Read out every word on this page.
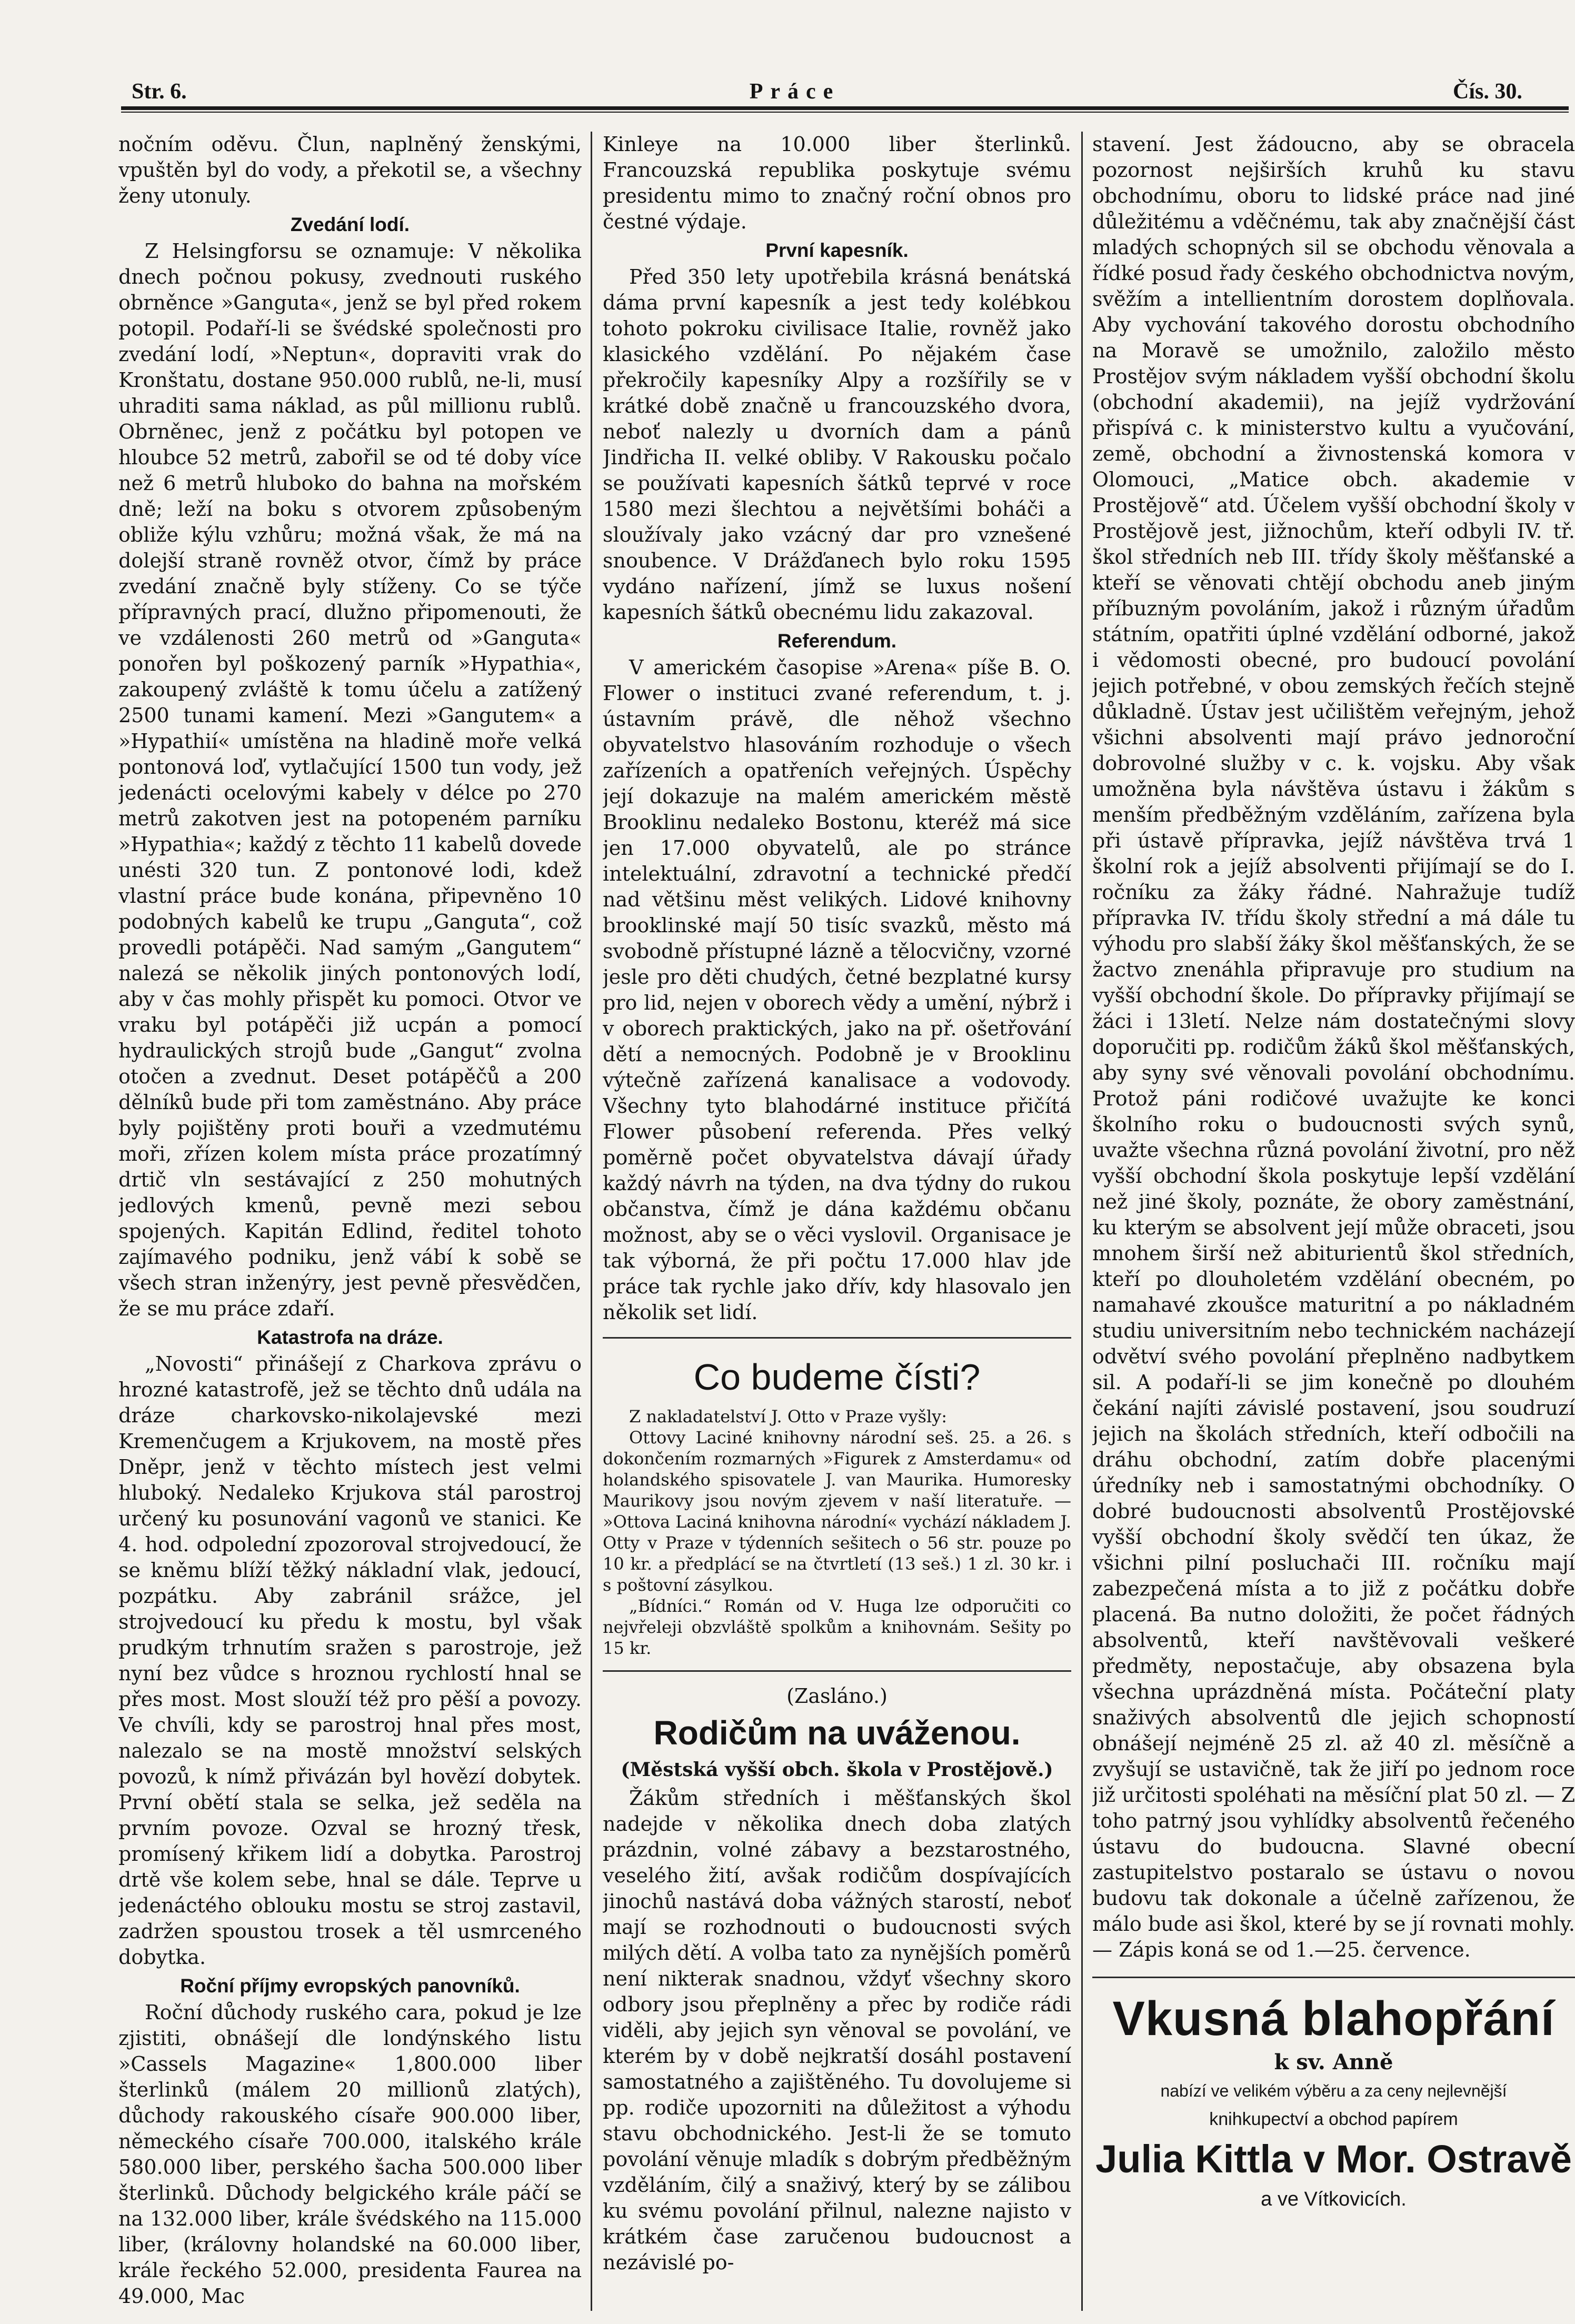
Str. 6.	Práce	Čís. 30.

nočním oděvu. Člun, naplněný ženskými, vpuštěn byl do vody, a překotil se, a všechny ženy utonuly.

Zvedání lodí.

Z Helsingforsu se oznamuje: V několika dnech počnou pokusy, zvednouti ruského obrněnce »Ganguta«, jenž se byl před rokem potopil. Podaří-li se švédské společnosti pro zvedání lodí, »Neptun«, dopraviti vrak do Kronštatu, dostane 950.000 rublů, ne-li, musí uhraditi sama náklad, as půl millionu rublů. Obrněnec, jenž z počátku byl potopen ve hloubce 52 metrů, zabořil se od té doby více než 6 metrů hluboko do bahna na mořském dně; leží na boku s otvorem způsobeným obliže kýlu vzhůru; možná však, že má na dolejší straně rovněž otvor, čímž by práce zvedání značně byly stíženy. Co se týče přípravných prací, dlužno připomenouti, že ve vzdálenosti 260 metrů od »Ganguta« ponořen byl poškozený parník »Hypathia«, zakoupený zvláště k tomu účelu a zatížený 2500 tunami kamení. Mezi »Gangutem« a »Hypathií« umístěna na hladině moře velká pontonová loď, vytlačující 1500 tun vody, jež jedenácti ocelovými kabely v délce po 270 metrů zakotven jest na potopeném parníku »Hypathia«; každý z těchto 11 kabelů dovede unésti 320 tun. Z pontonové lodi, kdež vlastní práce bude konána, připevněno 10 podobných kabelů ke trupu „Ganguta“, což provedli potápěči. Nad samým „Gangutem“ nalezá se několik jiných pontonových lodí, aby v čas mohly přispět ku pomoci. Otvor ve vraku byl potápěči již ucpán a pomocí hydraulických strojů bude „Gangut“ zvolna otočen a zvednut. Deset potápěčů a 200 dělníků bude při tom zaměstnáno. Aby práce byly pojištěny proti bouři a vzedmutému moři, zřízen kolem místa práce prozatímný drtič vln sestávající z 250 mohutných jedlových kmenů, pevně mezi sebou spojených. Kapitán Edlind, ředitel tohoto zajímavého podniku, jenž vábí k sobě se všech stran inženýry, jest pevně přesvědčen, že se mu práce zdaří.

Katastrofa na dráze.

„Novosti“ přinášejí z Charkova zprávu o hrozné katastrofě, jež se těchto dnů udála na dráze charkovsko-nikolajevské mezi Kremenčugem a Krjukovem, na mostě přes Dněpr, jenž v těchto místech jest velmi hluboký. Nedaleko Krjukova stál parostroj určený ku posunování vagonů ve stanici. Ke 4. hod. odpolední zpozoroval strojvedoucí, že se kněmu blíží těžký nákladní vlak, jedoucí, pozpátku. Aby zabránil srážce, jel strojvedoucí ku předu k mostu, byl však prudkým trhnutím sražen s parostroje, jež nyní bez vůdce s hroznou rychlostí hnal se přes most. Most slouží též pro pěší a povozy. Ve chvíli, kdy se parostroj hnal přes most, nalezalo se na mostě množství selských povozů, k nímž přivázán byl hovězí dobytek. První obětí stala se selka, jež seděla na prvním povoze. Ozval se hrozný třesk, promísený křikem lidí a dobytka. Parostroj drtě vše kolem sebe, hnal se dále. Teprve u jedenáctého oblouku mostu se stroj zastavil, zadržen spoustou trosek a těl usmrceného dobytka.

Roční příjmy evropských panovníků.

Roční důchody ruského cara, pokud je lze zjistiti, obnášejí dle londýnského listu »Cassels Magazine« 1,800.000 liber šterlinků (málem 20 millionů zlatých), důchody rakouského císaře 900.000 liber, německého císaře 700.000, italského krále 580.000 liber, perského šacha 500.000 liber šterlinků. Důchody belgického krále páčí se na 132.000 liber, krále švédského na 115.000 liber, (královny holandské na 60.000 liber, krále řeckého 52.000, presidenta Faurea na 49.000, Mac

Kinleye na 10.000 liber šterlinků. Francouzská republika poskytuje svému presidentu mimo to značný roční obnos pro čestné výdaje.

První kapesník.

Před 350 lety upotřebila krásná benátská dáma první kapesník a jest tedy kolébkou tohoto pokroku civilisace Italie, rovněž jako klasického vzdělání. Po nějakém čase překročily kapesníky Alpy a rozšířily se v krátké době značně u francouzského dvora, neboť nalezly u dvorních dam a pánů Jindřicha II. velké obliby. V Rakousku počalo se používati kapesních šátků teprvé v roce 1580 mezi šlechtou a největšími boháči a sloužívaly jako vzácný dar pro vznešené snoubence. V Drážďanech bylo roku 1595 vydáno nařízení, jímž se luxus nošení kapesních šátků obecnému lidu zakazoval.

Referendum.

V americkém časopise »Arena« píše B. O. Flower o instituci zvané referendum, t. j. ústavním právě, dle něhož všechno obyvatelstvo hlasováním rozhoduje o všech zařízeních a opatřeních veřejných. Úspěchy její dokazuje na malém americkém městě Brooklinu nedaleko Bostonu, kteréž má sice jen 17.000 obyvatelů, ale po stránce intelektuální, zdravotní a technické předčí nad většinu měst velikých. Lidové knihovny brooklinské mají 50 tisíc svazků, město má svobodně přístupné lázně a tělocvičny, vzorné jesle pro děti chudých, četné bezplatné kursy pro lid, nejen v oborech vědy a umění, nýbrž i v oborech praktických, jako na př. ošetřování dětí a nemocných. Podobně je v Brooklinu výtečně zařízená kanalisace a vodovody. Všechny tyto blahodárné instituce přičítá Flower působení referenda. Přes velký poměrně počet obyvatelstva dávají úřady každý návrh na týden, na dva týdny do rukou občanstva, čímž je dána každému občanu možnost, aby se o věci vyslovil. Organisace je tak výborná, že při počtu 17.000 hlav jde práce tak rychle jako dřív, kdy hlasovalo jen několik set lidí.

Co budeme čísti?

Z nakladatelství J. Otto v Praze vyšly:

Ottovy Laciné knihovny národní seš. 25. a 26. s dokončením rozmarných »Figurek z Amsterdamu« od holandského spisovatele J. van Maurika. Humoresky Maurikovy jsou novým zjevem v naší literatuře. — »Ottova Laciná knihovna národní« vychází nákladem J. Otty v Praze v týdenních sešitech o 56 str. pouze po 10 kr. a předplácí se na čtvrtletí (13 seš.) 1 zl. 30 kr. i s poštovní zásylkou.

„Bídníci.“ Román od V. Huga lze odporučiti co nejvřeleji obzvláště spolkům a knihovnám. Sešity po 15 kr.

(Zasláno.)
Rodičům na uváženou.
(Městská vyšší obch. škola v Prostějově.)

Žákům středních i měšťanských škol nadejde v několika dnech doba zlatých prázdnin, volné zábavy a bezstarostného, veselého žití, avšak rodičům dospívajících jinochů nastává doba vážných starostí, neboť mají se rozhodnouti o budoucnosti svých milých dětí. A volba tato za nynějších poměrů není nikterak snadnou, vždyť všechny skoro odbory jsou přeplněny a přec by rodiče rádi viděli, aby jejich syn věnoval se povolání, ve kterém by v době nejkratší dosáhl postavení samostatného a zajištěného. Tu dovolujeme si pp. rodiče upozorniti na důležitost a výhodu stavu obchodnického. Jest-li že se tomuto povolání věnuje mladík s dobrým předběžným vzděláním, čilý a snaživý, který by se zálibou ku svému povolání přilnul, nalezne najisto v krátkém čase zaručenou budoucnost a nezávislé po-

stavení. Jest žádoucno, aby se obracela pozornost nejširších kruhů ku stavu obchodnímu, oboru to lidské práce nad jiné důležitému a vděčnému, tak aby značnější část mladých schopných sil se obchodu věnovala a řídké posud řady českého obchodnictva novým, svěžím a intellientním dorostem doplňovala. Aby vychování takového dorostu obchodního na Moravě se umožnilo, založilo město Prostějov svým nákladem vyšší obchodní školu (obchodní akademii), na jejíž vydržování přispívá c. k ministerstvo kultu a vyučování, země, obchodní a živnostenská komora v Olomouci, „Matice obch. akademie v Prostějově“ atd. Účelem vyšší obchodní školy v Prostějově jest, jižnochům, kteří odbyli IV. tř. škol středních neb III. třídy školy měšťanské a kteří se věnovati chtějí obchodu aneb jiným příbuzným povoláním, jakož i různým úřadům státním, opatřiti úplné vzdělání odborné, jakož i vědomosti obecné, pro budoucí povolání jejich potřebné, v obou zemských řečích stejně důkladně. Ústav jest učilištěm veřejným, jehož všichni absolventi mají právo jednoroční dobrovolné služby v c. k. vojsku. Aby však umožněna byla návštěva ústavu i žákům s menším předběžným vzděláním, zařízena byla při ústavě přípravka, jejíž návštěva trvá 1 školní rok a jejíž absolventi přijímají se do I. ročníku za žáky řádné. Nahražuje tudíž přípravka IV. třídu školy střední a má dále tu výhodu pro slabší žáky škol měšťanských, že se žactvo znenáhla připravuje pro studium na vyšší obchodní škole. Do přípravky přijímají se žáci i 13letí. Nelze nám dostatečnými slovy doporučiti pp. rodičům žáků škol měšťanských, aby syny své věnovali povolání obchodnímu. Protož páni rodičové uvažujte ke konci školního roku o budoucnosti svých synů, uvažte všechna různá povolání životní, pro něž vyšší obchodní škola poskytuje lepší vzdělání než jiné školy, poznáte, že obory zaměstnání, ku kterým se absolvent její může obraceti, jsou mnohem širší než abiturientů škol středních, kteří po dlouholetém vzdělání obecném, po namahavé zkoušce maturitní a po nákladném studiu universitním nebo technickém nacházejí odvětví svého povolání přeplněno nadbytkem sil. A podaří-li se jim konečně po dlouhém čekání najíti závislé postavení, jsou soudruzí jejich na školách středních, kteří odbočili na dráhu obchodní, zatím dobře placenými úředníky neb i samostatnými obchodníky. O dobré budoucnosti absolventů Prostějovské vyšší obchodní školy svědčí ten úkaz, že všichni pilní posluchači III. ročníku mají zabezpečená místa a to již z počátku dobře placená. Ba nutno doložiti, že počet řádných absolventů, kteří navštěvovali veškeré předměty, nepostačuje, aby obsazena byla všechna uprázdněná místa. Počáteční platy snaživých absolventů dle jejich schopností obnášejí nejméně 25 zl. až 40 zl. měsíčně a zvyšují se ustavičně, tak že jiří po jednom roce již určitosti spoléhati na měsíční plat 50 zl. — Z toho patrný jsou vyhlídky absolventů řečeného ústavu do budoucna. Slavné obecní zastupitelstvo postaralo se ústavu o novou budovu tak dokonale a účelně zařízenou, že málo bude asi škol, které by se jí rovnati mohly. — Zápis koná se od 1.—25. července.

Vkusná blahopřání
k sv. Anně
nabízí ve velikém výběru a za ceny nejlevnější
knihkupectví a obchod papírem
Julia Kittla v Mor. Ostravě
a ve Vítkovicích.
